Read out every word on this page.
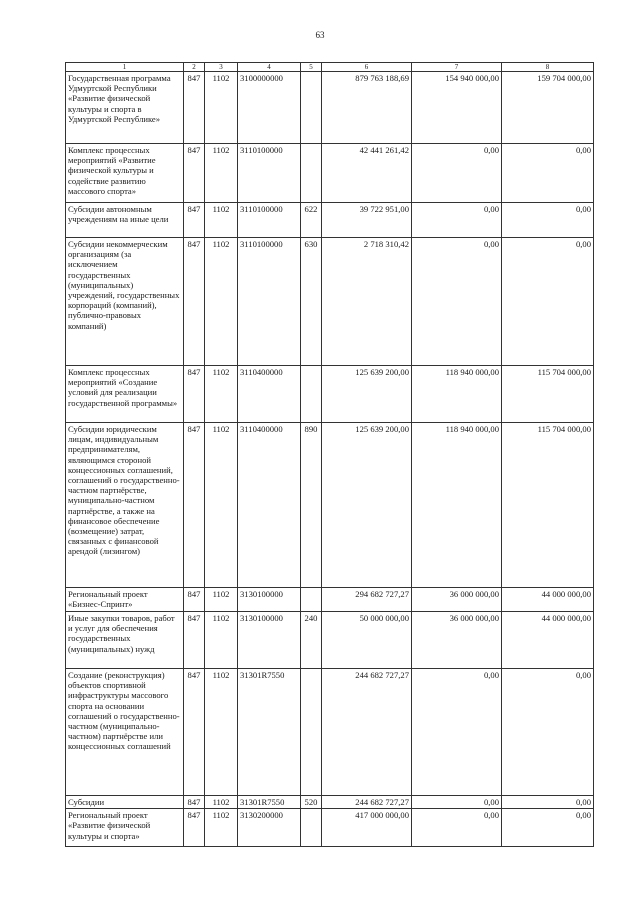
63
1	2	3	4	5	6	7	8
Государственная программа Удмуртской Республики «Развитие физической культуры и спорта в Удмуртской Республике»	847	1102	3100000000		879 763 188,69	154 940 000,00	159 704 000,00
Комплекс процессных мероприятий «Развитие физической культуры и содействие развитию массового спорта»	847	1102	3110100000		42 441 261,42	0,00	0,00
Субсидии автономным учреждениям на иные цели	847	1102	3110100000	622	39 722 951,00	0,00	0,00
Субсидии некоммерческим организациям (за исключением государственных (муниципальных) учреждений, государственных корпораций (компаний), публично-правовых компаний)	847	1102	3110100000	630	2 718 310,42	0,00	0,00
Комплекс процессных мероприятий «Создание условий для реализации государственной программы»	847	1102	3110400000		125 639 200,00	118 940 000,00	115 704 000,00
Субсидии юридическим лицам, индивидуальным предпринимателям, являющимся стороной концессионных соглашений, соглашений о государственно-частном партнёрстве, муниципально-частном партнёрстве, а также на финансовое обеспечение (возмещение) затрат, связанных с финансовой арендой (лизингом)	847	1102	3110400000	890	125 639 200,00	118 940 000,00	115 704 000,00
Региональный проект «Бизнес-Спринт»	847	1102	3130100000		294 682 727,27	36 000 000,00	44 000 000,00
Иные закупки товаров, работ и услуг для обеспечения государственных (муниципальных) нужд	847	1102	3130100000	240	50 000 000,00	36 000 000,00	44 000 000,00
Создание (реконструкция) объектов спортивной инфраструктуры массового спорта на основании соглашений о государственно-частном (муниципально-частном) партнёрстве или концессионных соглашений	847	1102	31301R7550		244 682 727,27	0,00	0,00
Субсидии	847	1102	31301R7550	520	244 682 727,27	0,00	0,00
Региональный проект «Развитие физической культуры и спорта»	847	1102	3130200000		417 000 000,00	0,00	0,00
